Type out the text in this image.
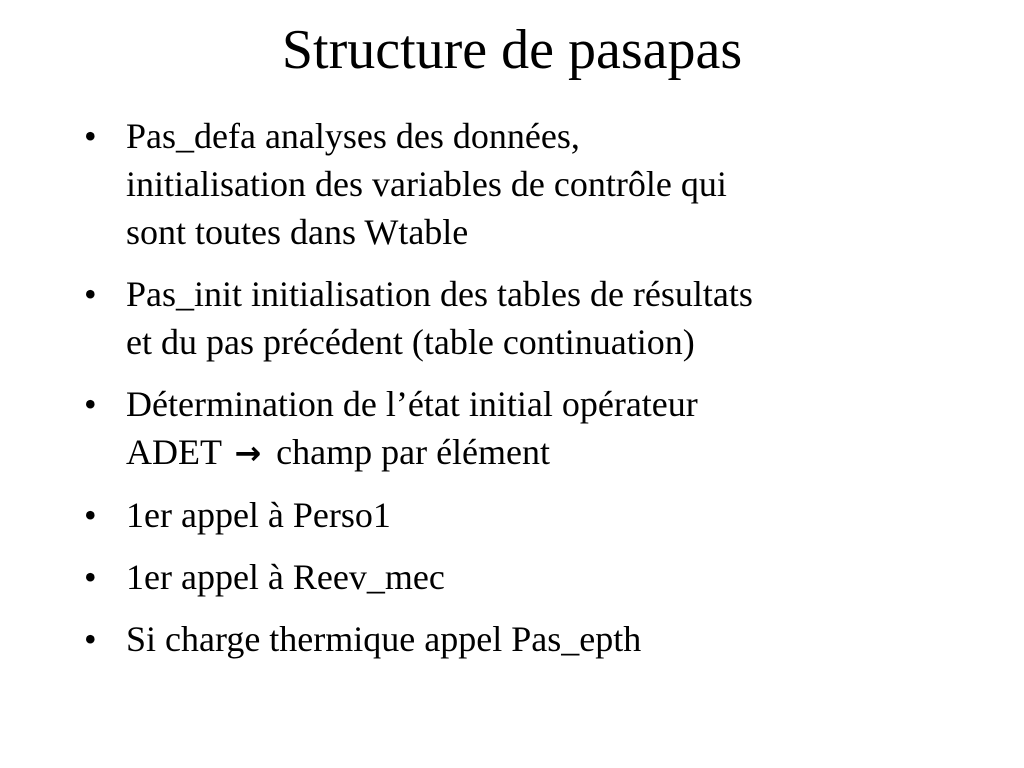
Structure de pasapas
• Pas_defa analyses des données,
initialisation des variables de contrôle qui
sont toutes dans Wtable
• Pas_init initialisation des tables de résultats
et du pas précédent (table continuation)
• Détermination de l’état initial opérateur
ADET → champ par élément
• 1er appel à Perso1
• 1er appel à Reev_mec
• Si charge thermique appel Pas_epth
